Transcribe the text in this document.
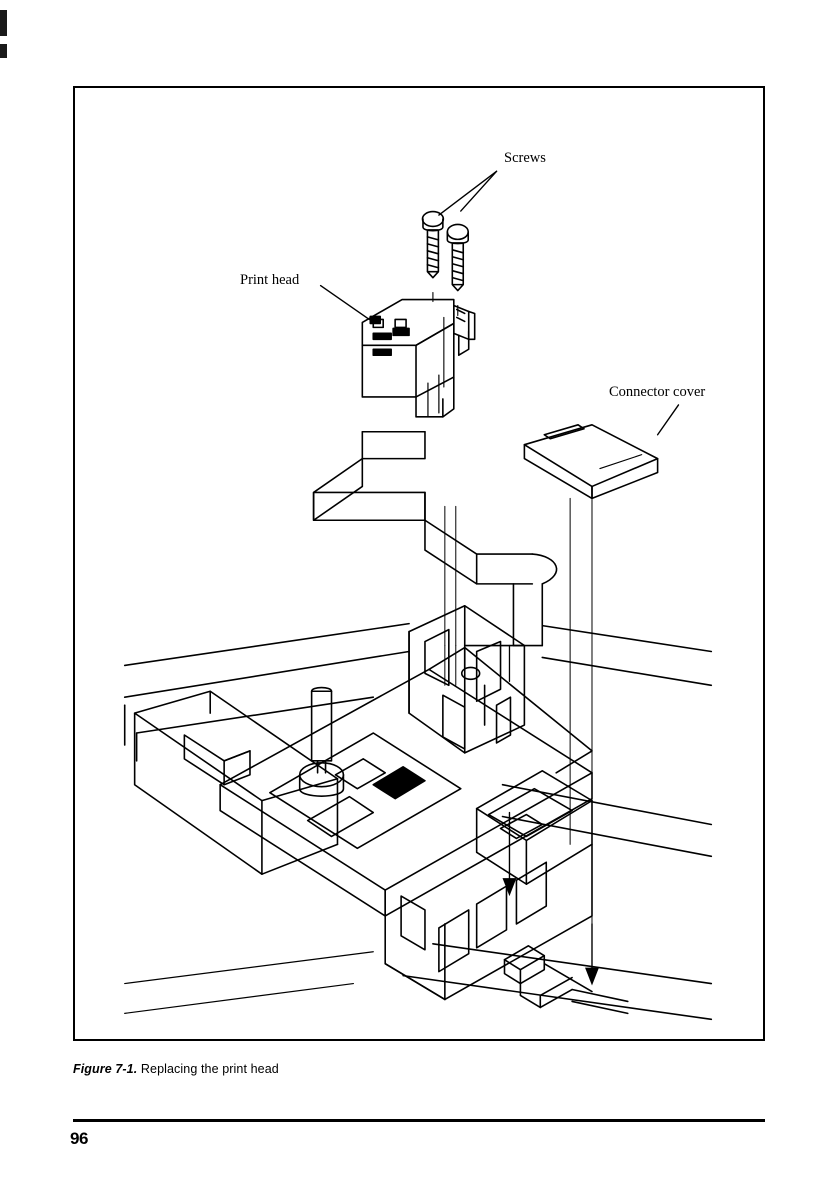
Screws
Print head
Connector cover
Figure 7-1. Replacing the print head
96
